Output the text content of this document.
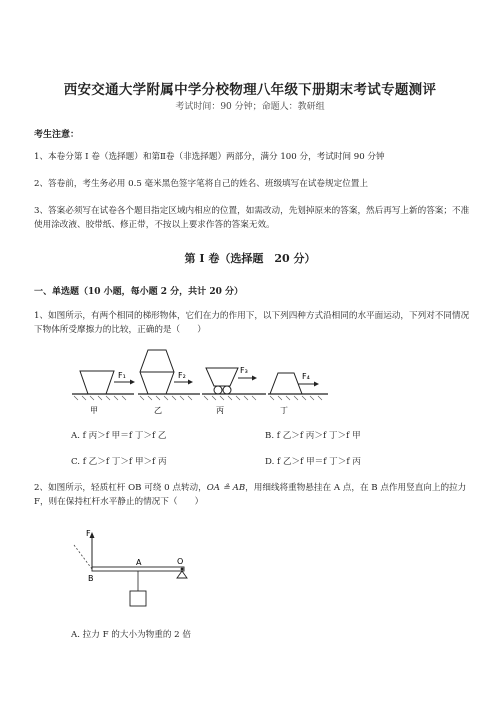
西安交通大学附属中学分校物理八年级下册期末考试专题测评
考试时间：90 分钟；命题人：教研组
考生注意：
1、本卷分第 I 卷（选择题）和第Ⅱ卷（非选择题）两部分，满分 100 分，考试时间 90 分钟
2、答卷前，考生务必用 0.5 毫米黑色签字笔将自己的姓名、班级填写在试卷规定位置上
3、答案必须写在试卷各个题目指定区域内相应的位置，如需改动，先划掉原来的答案，然后再写上新的答案；不准使用涂改液、胶带纸、修正带，不按以上要求作答的答案无效。
第 I 卷（选择题　20 分）
一、单选题（10 小题，每小题 2 分，共计 20 分）
1、如图所示，有两个相同的梯形物体，它们在力的作用下，以下列四种方式沿相同的水平面运动，下列对不同情况下物体所受摩擦力的比较，正确的是（　　）
F₁
甲
F₂
乙
F₃
丙
F₄
丁
A. f 丙＞f 甲＝f 丁＞f 乙	B. f 乙＞f 丙＞f 丁＞f 甲
C. f 乙＞f 丁＞f 甲＞f 丙	D. f 乙＞f 甲＝f 丁＞f 丙
2、如图所示，轻质杠杆 OB 可绕 0 点转动，OA ≗ AB，用细线将重物悬挂在 A 点，在 B 点作用竖直向上的拉力 F，则在保持杠杆水平静止的情况下（　　）
F
B
A	O
A. 拉力 F 的大小为物重的 2 倍
